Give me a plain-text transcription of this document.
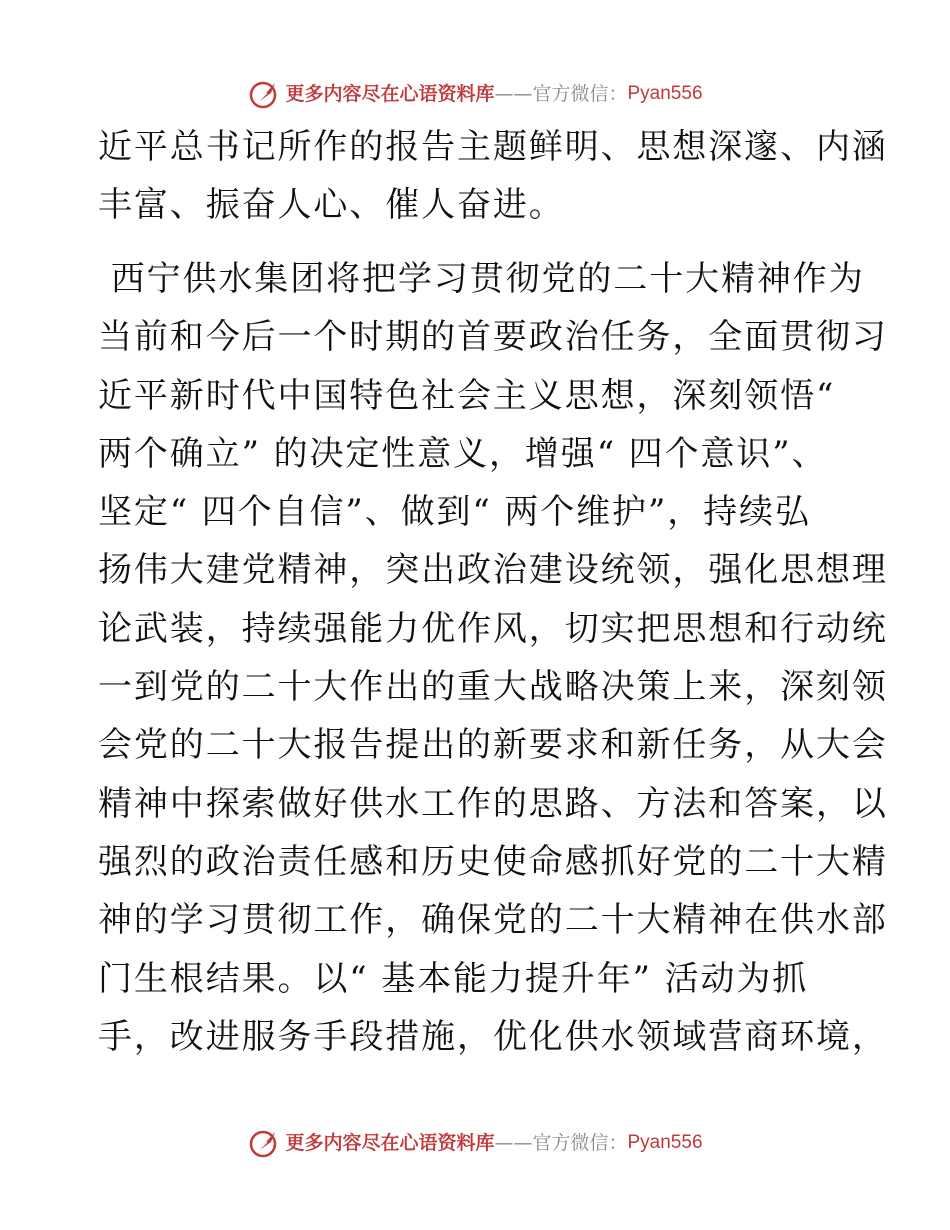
更多内容尽在心语资料库 —— 官方微信： Pyan556

近平总书记所作的报告主题鲜明、思想深邃、内涵
丰富、振奋人心、催人奋进。

西宁供水集团将把学习贯彻党的二十大精神作为
当前和今后一个时期的首要政治任务，全面贯彻习
近平新时代中国特色社会主义思想，深刻领悟“
两个确立” 的决定性意义，增强“ 四个意识”、
坚定“ 四个自信”、做到“ 两个维护”，持续弘
扬伟大建党精神，突出政治建设统领，强化思想理
论武装，持续强能力优作风，切实把思想和行动统
一到党的二十大作出的重大战略决策上来，深刻领
会党的二十大报告提出的新要求和新任务，从大会
精神中探索做好供水工作的思路、方法和答案，以
强烈的政治责任感和历史使命感抓好党的二十大精
神的学习贯彻工作，确保党的二十大精神在供水部
门生根结果。以“ 基本能力提升年” 活动为抓
手，改进服务手段措施，优化供水领域营商环境，

更多内容尽在心语资料库 —— 官方微信： Pyan556
